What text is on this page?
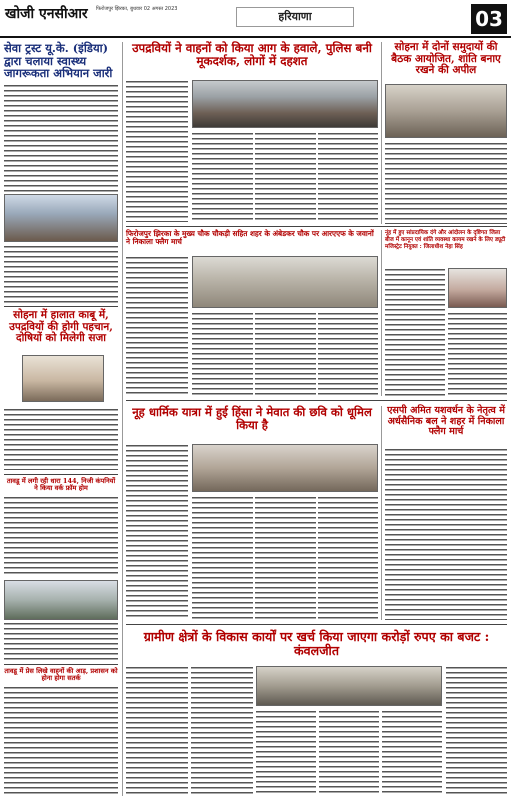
खोजी एनसीआर फिरोजपुर झिरका, बुधवार 02 अगस्त 2023
हरियाणा	03
सेवा ट्रस्ट यू.के. (इंडिया) द्वारा चलाया स्वास्थ्य जागरूकता अभियान जारी
सोहना में हालात काबू में, उपद्रवियों की होगी पहचान, दोषियों को मिलेगी सजा
तावडू में लगी रही धारा 144, निजी कंपनियों ने किया वर्क फ्रॉम होम
तावडू में प्रेस लिखे वाहनों की आड़, प्रशासन को होना होगा सतर्क
उपद्रवियों ने वाहनों को किया आग के हवाले, पुलिस बनी मूकदर्शक, लोगों में दहशत
सोहना में दोनों समुदायों की बैठक आयोजित, शांति बनाए रखने की अपील
फिरोजपुर झिरका के मुख्य चौक चौकड़ी सहित शहर के अंबेडकर चौक पर आरएएफ के जवानों ने निकाला फ्लैग मार्च
नूंह में हुए सांप्रदायिक दंगे और आंदोलन के दृष्टिगत जिला बीज में कानून एवं शांति व्यवस्था कायम रखने के लिए ड्यूटी मजिस्ट्रेट नियुक्त : जिलाधीश नेहा सिंह
नूह धार्मिक यात्रा में हुई हिंसा ने मेवात की छवि को धूमिल किया है
एसपी अमित यशवर्धन के नेतृत्व में अर्धसैनिक बल ने शहर में निकाला फ्लैग मार्च
ग्रामीण क्षेत्रों के विकास कार्यों पर खर्च किया जाएगा करोड़ों रुपए का बजट : कंवलजीत
